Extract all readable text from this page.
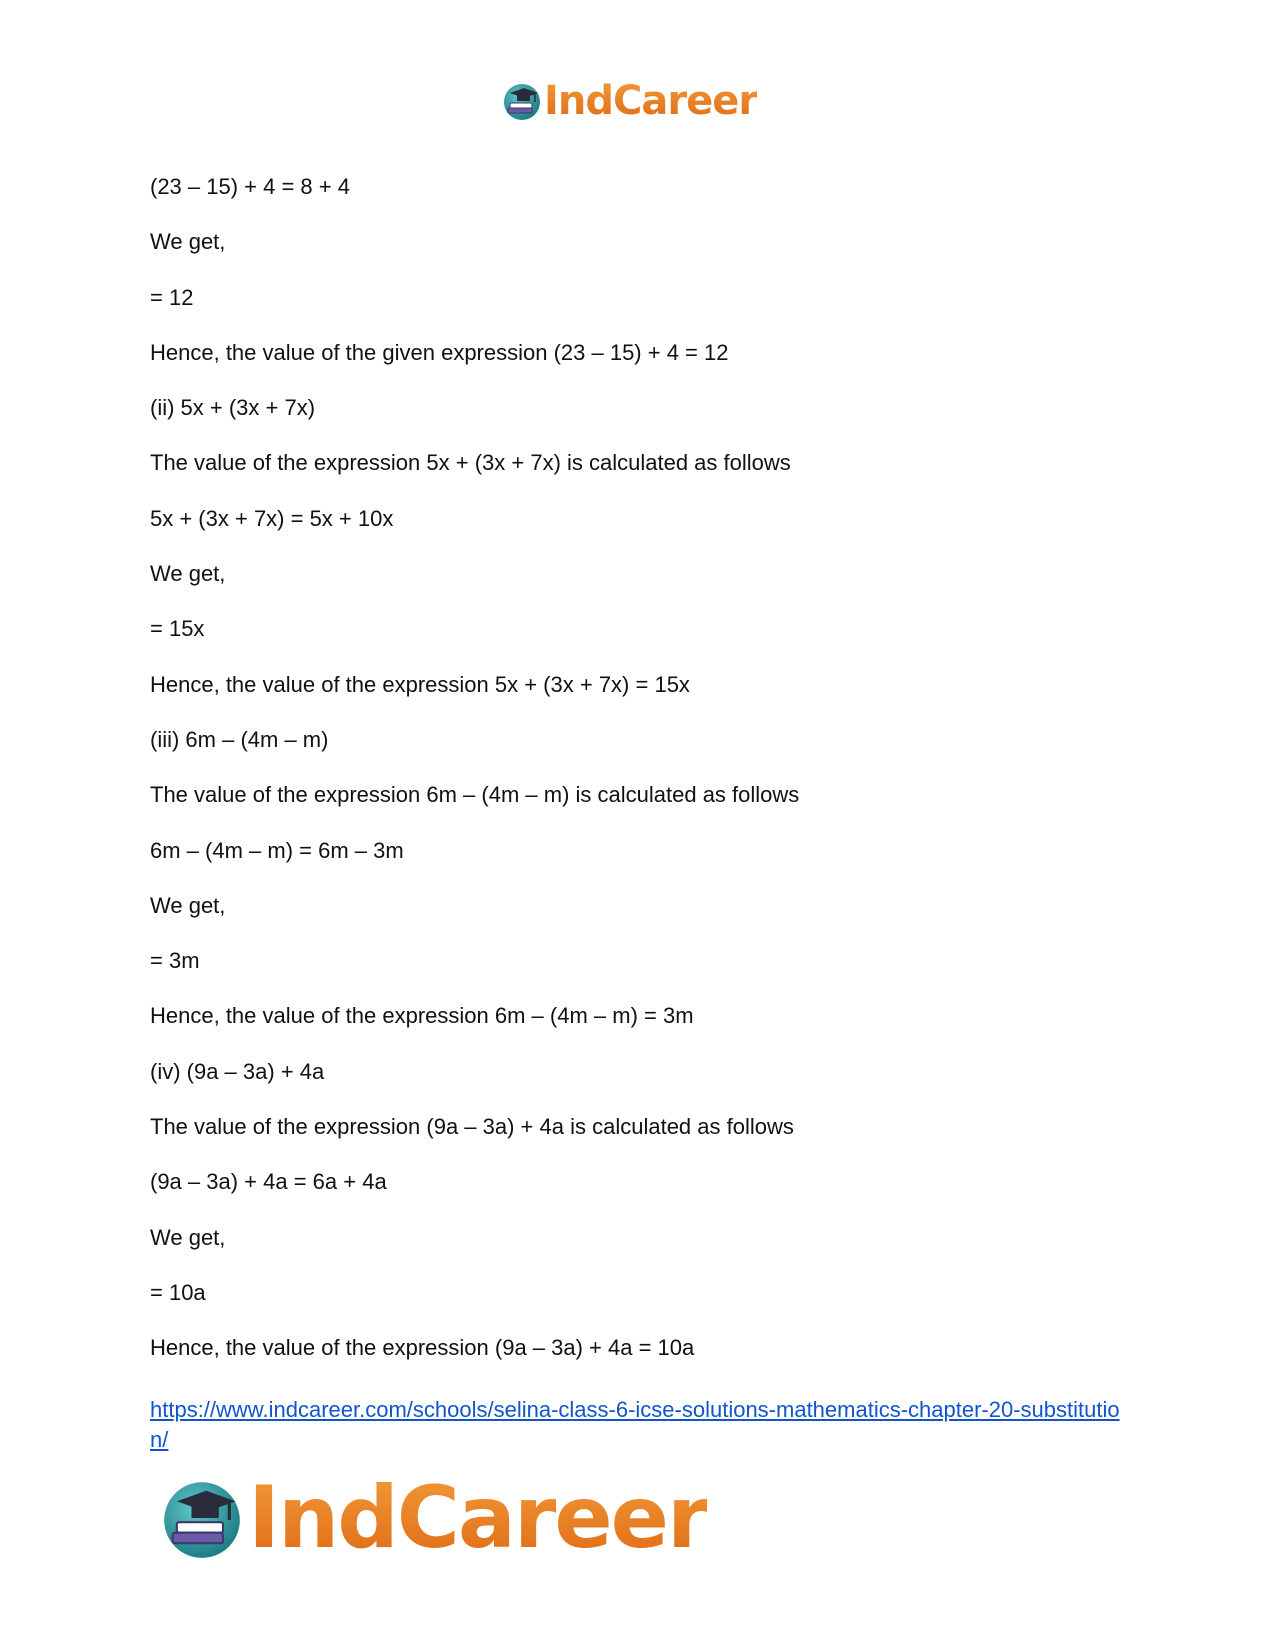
IndCareer
(23 – 15) + 4 = 8 + 4
We get,
= 12
Hence, the value of the given expression (23 – 15) + 4 = 12
(ii) 5x + (3x + 7x)
The value of the expression 5x + (3x + 7x) is calculated as follows
5x + (3x + 7x) = 5x + 10x
We get,
= 15x
Hence, the value of the expression 5x + (3x + 7x) = 15x
(iii) 6m – (4m – m)
The value of the expression 6m – (4m – m) is calculated as follows
6m – (4m – m) = 6m – 3m
We get,
= 3m
Hence, the value of the expression 6m – (4m – m) = 3m
(iv) (9a – 3a) + 4a
The value of the expression (9a – 3a) + 4a is calculated as follows
(9a – 3a) + 4a = 6a + 4a
We get,
= 10a
Hence, the value of the expression (9a – 3a) + 4a = 10a
https://www.indcareer.com/schools/selina-class-6-icse-solutions-mathematics-chapter-20-substitution/
IndCareer
